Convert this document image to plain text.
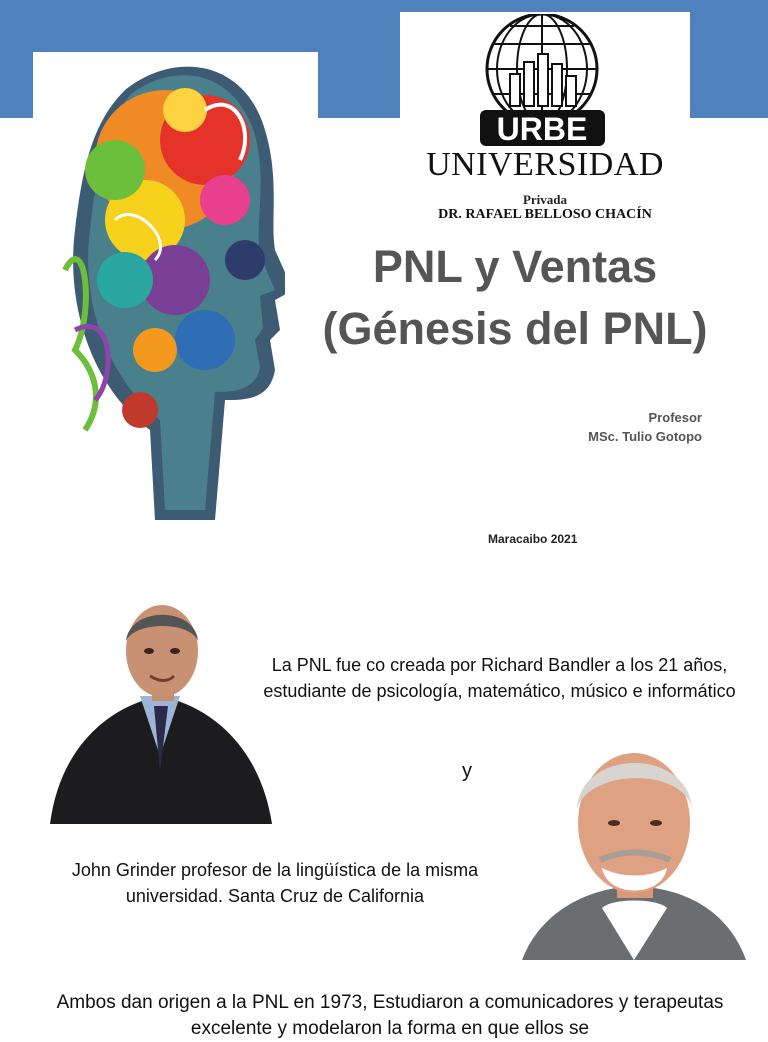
URBE
UNIVERSIDAD
Privada
DR. RAFAEL BELLOSO CHACÍN
PNL y Ventas
(Génesis del PNL)
Profesor
MSc. Tulio Gotopo
Maracaibo 2021
La PNL fue co creada por Richard Bandler a los 21 años, estudiante de psicología, matemático, músico e informático
y
John Grinder profesor de la lingüística de la misma universidad. Santa Cruz de California
Ambos dan origen a la PNL en 1973, Estudiaron a comunicadores y terapeutas excelente y modelaron la forma en que ellos se
